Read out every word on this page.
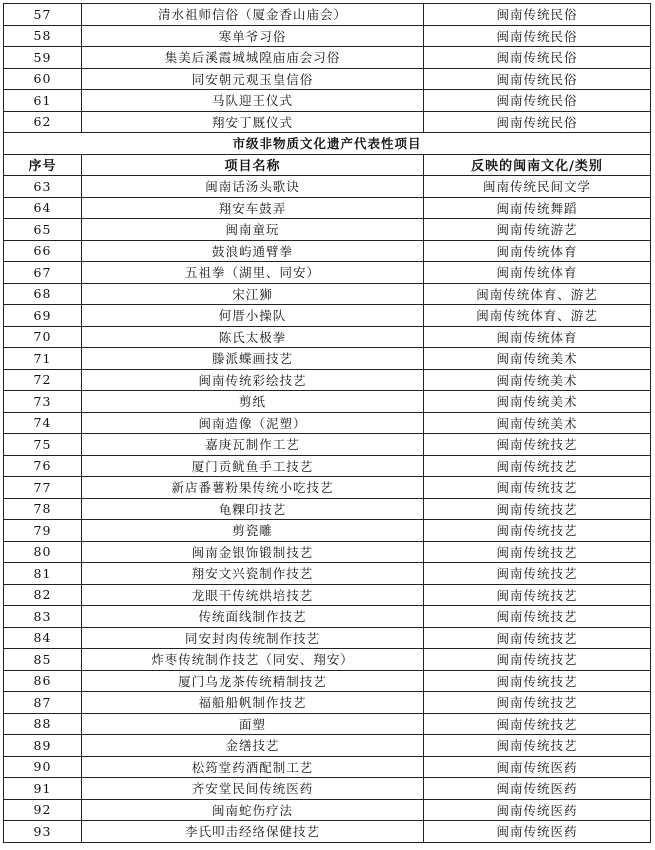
57	清水祖师信俗（厦金香山庙会）	闽南传统民俗
58	寒单爷习俗	闽南传统民俗
59	集美后溪霞城城隍庙庙会习俗	闽南传统民俗
60	同安朝元观玉皇信俗	闽南传统民俗
61	马队迎王仪式	闽南传统民俗
62	翔安丁厩仪式	闽南传统民俗
市级非物质文化遗产代表性项目		
序号	项目名称	反映的闽南文化/类别
63	闽南话汤头歌诀	闽南传统民间文学
64	翔安车鼓弄	闽南传统舞蹈
65	闽南童玩	闽南传统游艺
66	鼓浪屿通臂拳	闽南传统体育
67	五祖拳（湖里、同安）	闽南传统体育
68	宋江狮	闽南传统体育、游艺
69	何厝小操队	闽南传统体育、游艺
70	陈氏太极拳	闽南传统体育
71	滕派蝶画技艺	闽南传统美术
72	闽南传统彩绘技艺	闽南传统美术
73	剪纸	闽南传统美术
74	闽南造像（泥塑）	闽南传统美术
75	嘉庚瓦制作工艺	闽南传统技艺
76	厦门贡鱿鱼手工技艺	闽南传统技艺
77	新店番薯粉果传统小吃技艺	闽南传统技艺
78	龟粿印技艺	闽南传统技艺
79	剪瓷雕	闽南传统技艺
80	闽南金银饰锻制技艺	闽南传统技艺
81	翔安文兴瓷制作技艺	闽南传统技艺
82	龙眼干传统烘培技艺	闽南传统技艺
83	传统面线制作技艺	闽南传统技艺
84	同安封肉传统制作技艺	闽南传统技艺
85	炸枣传统制作技艺（同安、翔安）	闽南传统技艺
86	厦门乌龙茶传统精制技艺	闽南传统技艺
87	福船船帆制作技艺	闽南传统技艺
88	面塑	闽南传统技艺
89	金缮技艺	闽南传统技艺
90	松筠堂药酒配制工艺	闽南传统医药
91	齐安堂民间传统医药	闽南传统医药
92	闽南蛇伤疗法	闽南传统医药
93	李氏叩击经络保健技艺	闽南传统医药
